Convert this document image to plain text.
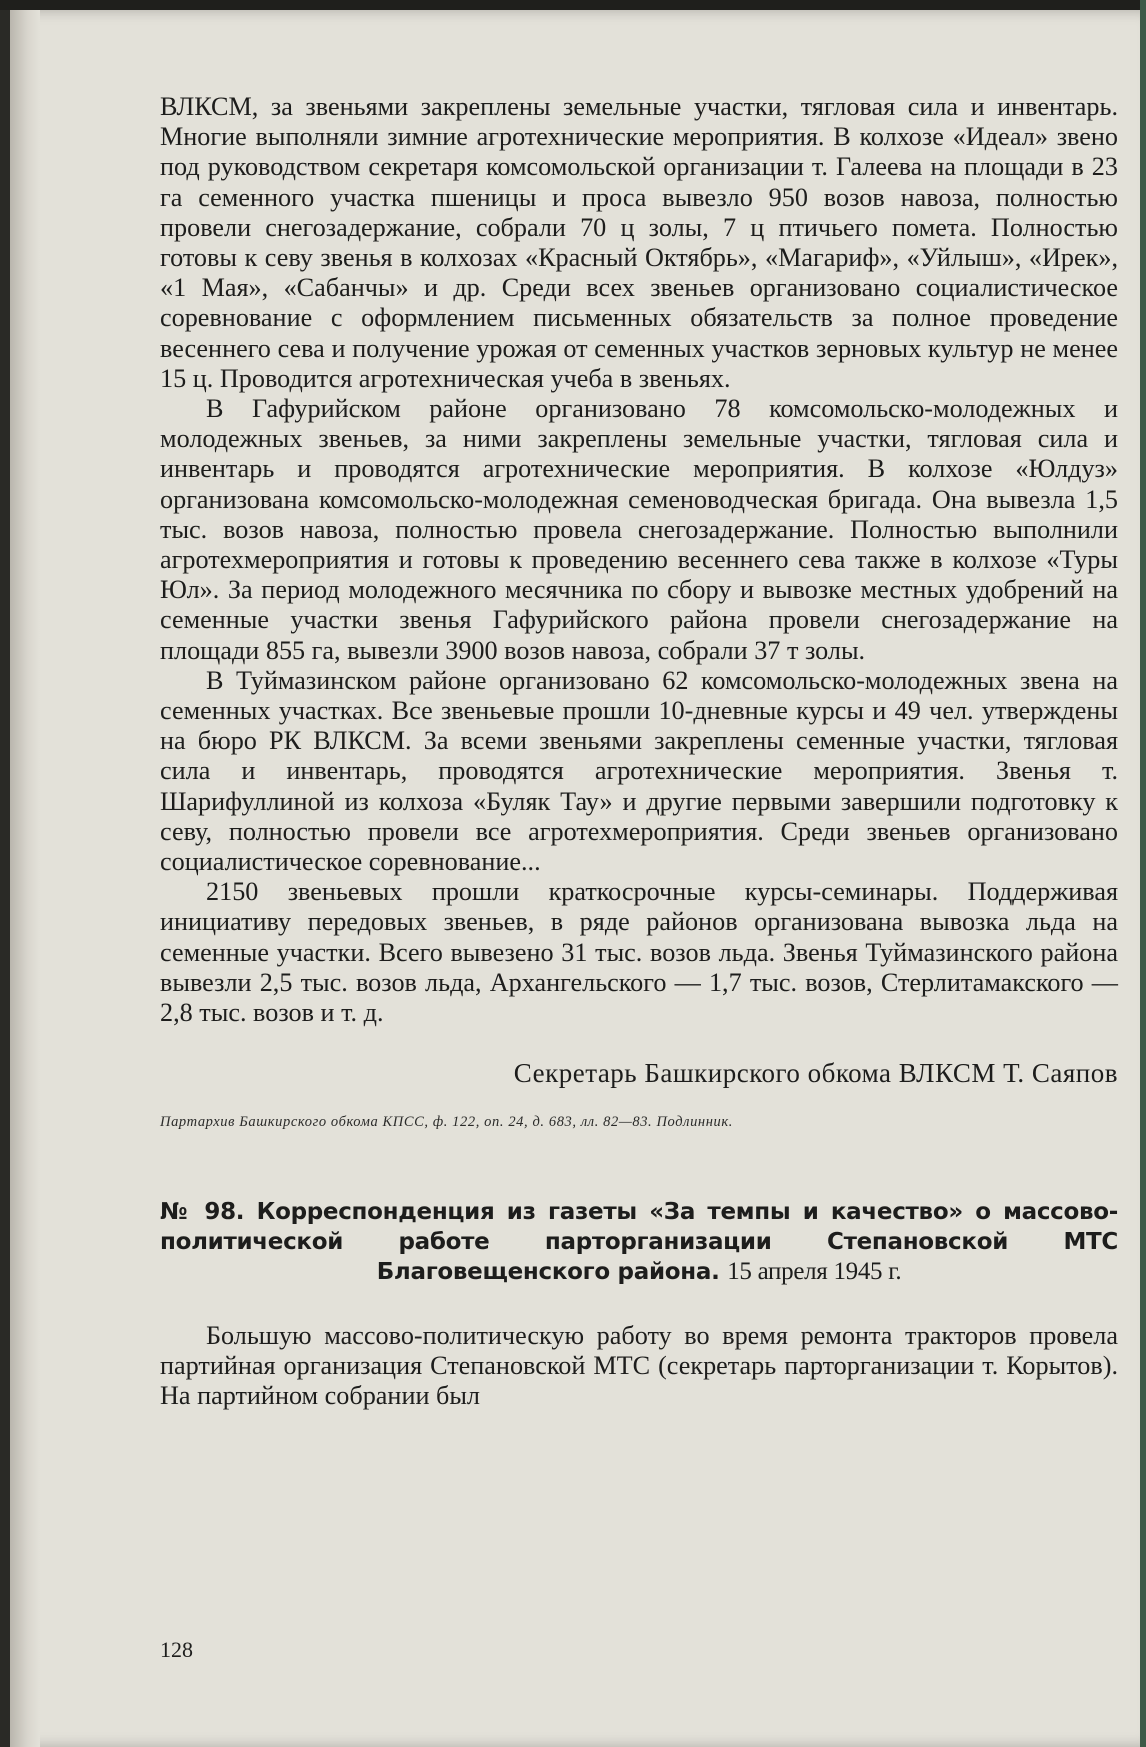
ВЛКСМ, за звеньями закреплены земельные участки, тягловая сила и инвентарь. Многие выполняли зимние агротехнические мероприятия. В колхозе «Идеал» звено под руководством секретаря комсомольской организации т. Галеева на площади в 23 га семенного участка пшеницы и проса вывезло 950 возов навоза, полностью провели снегозадержание, собрали 70 ц золы, 7 ц птичьего помета. Полностью готовы к севу звенья в колхозах «Красный Октябрь», «Магариф», «Уйлыш», «Ирек», «1 Мая», «Сабанчы» и др. Среди всех звеньев организовано социалистическое соревнование с оформлением письменных обязательств за полное проведение весеннего сева и получение урожая от семенных участков зерновых культур не менее 15 ц. Проводится агротехническая учеба в звеньях.

В Гафурийском районе организовано 78 комсомольско-молодежных и молодежных звеньев, за ними закреплены земельные участки, тягловая сила и инвентарь и проводятся агротехнические мероприятия. В колхозе «Юлдуз» организована комсомольско-молодежная семеноводческая бригада. Она вывезла 1,5 тыс. возов навоза, полностью провела снегозадержание. Полностью выполнили агротехмероприятия и готовы к проведению весеннего сева также в колхозе «Туры Юл». За период молодежного месячника по сбору и вывозке местных удобрений на семенные участки звенья Гафурийского района провели снегозадержание на площади 855 га, вывезли 3900 возов навоза, собрали 37 т золы.

В Туймазинском районе организовано 62 комсомольско-молодежных звена на семенных участках. Все звеньевые прошли 10-дневные курсы и 49 чел. утверждены на бюро РК ВЛКСМ. За всеми звеньями закреплены семенные участки, тягловая сила и инвентарь, проводятся агротехнические мероприятия. Звенья т. Шарифуллиной из колхоза «Буляк Тау» и другие первыми завершили подготовку к севу, полностью провели все агротехмероприятия. Среди звеньев организовано социалистическое соревнование...

2150 звеньевых прошли краткосрочные курсы-семинары. Поддерживая инициативу передовых звеньев, в ряде районов организована вывозка льда на семенные участки. Всего вывезено 31 тыс. возов льда. Звенья Туймазинского района вывезли 2,5 тыс. возов льда, Архангельского — 1,7 тыс. возов, Стерлитамакского — 2,8 тыс. возов и т. д.

Секретарь Башкирского обкома ВЛКСМ Т. Саяпов

Партархив Башкирского обкома КПСС, ф. 122, оп. 24, д. 683, лл. 82—83. Подлинник.

№ 98. Корреспонденция из газеты «За темпы и качество» о массово-политической работе парторганизации Степановской МТС Благовещенского района. 15 апреля 1945 г.

Большую массово-политическую работу во время ремонта тракторов провела партийная организация Степановской МТС (секретарь парторганизации т. Корытов). На партийном собрании был

128
